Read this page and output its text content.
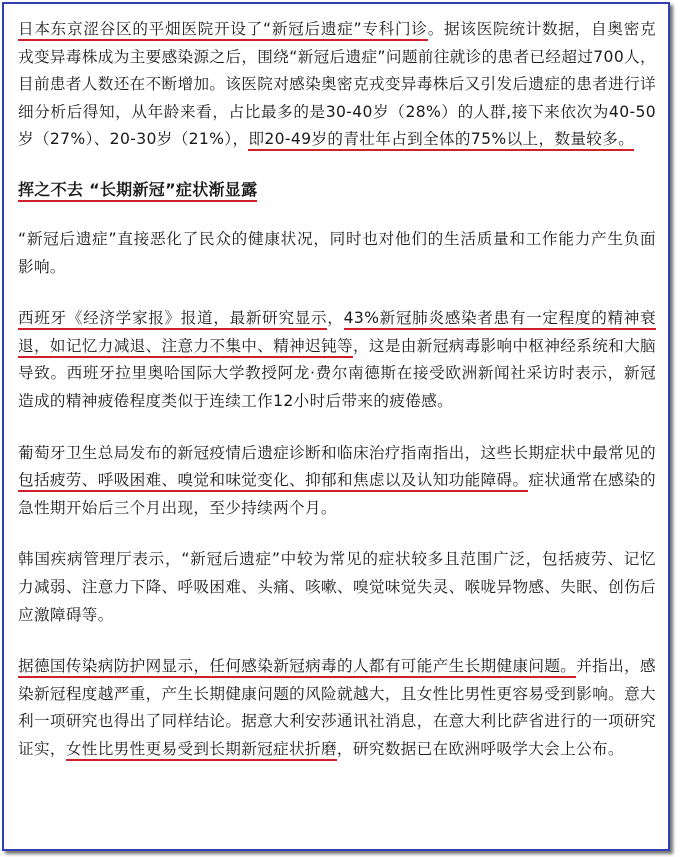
日本东京涩谷区的平畑医院开设了“新冠后遗症”专科门诊。据该医院统计数据，自奥密克戎变异毒株成为主要感染源之后，围绕“新冠后遗症”问题前往就诊的患者已经超过700人，目前患者人数还在不断增加。该医院对感染奥密克戎变异毒株后又引发后遗症的患者进行详细分析后得知，从年龄来看，占比最多的是30-40岁（28%）的人群,接下来依次为40-50岁（27%）、20-30岁（21%），即20-49岁的青壮年占到全体的75%以上，数量较多。

挥之不去 “长期新冠”症状渐显露

“新冠后遗症”直接恶化了民众的健康状况，同时也对他们的生活质量和工作能力产生负面影响。

西班牙《经济学家报》报道，最新研究显示，43%新冠肺炎感染者患有一定程度的精神衰退，如记忆力减退、注意力不集中、精神迟钝等，这是由新冠病毒影响中枢神经系统和大脑导致。西班牙拉里奥哈国际大学教授阿龙·费尔南德斯在接受欧洲新闻社采访时表示，新冠造成的精神疲倦程度类似于连续工作12小时后带来的疲倦感。

葡萄牙卫生总局发布的新冠疫情后遗症诊断和临床治疗指南指出，这些长期症状中最常见的包括疲劳、呼吸困难、嗅觉和味觉变化、抑郁和焦虑以及认知功能障碍。症状通常在感染的急性期开始后三个月出现，至少持续两个月。

韩国疾病管理厅表示，“新冠后遗症”中较为常见的症状较多且范围广泛，包括疲劳、记忆力减弱、注意力下降、呼吸困难、头痛、咳嗽、嗅觉味觉失灵、喉咙异物感、失眠、创伤后应激障碍等。

据德国传染病防护网显示，任何感染新冠病毒的人都有可能产生长期健康问题。并指出，感染新冠程度越严重，产生长期健康问题的风险就越大，且女性比男性更容易受到影响。意大利一项研究也得出了同样结论。据意大利安莎通讯社消息，在意大利比萨省进行的一项研究证实，女性比男性更易受到长期新冠症状折磨，研究数据已在欧洲呼吸学大会上公布。
